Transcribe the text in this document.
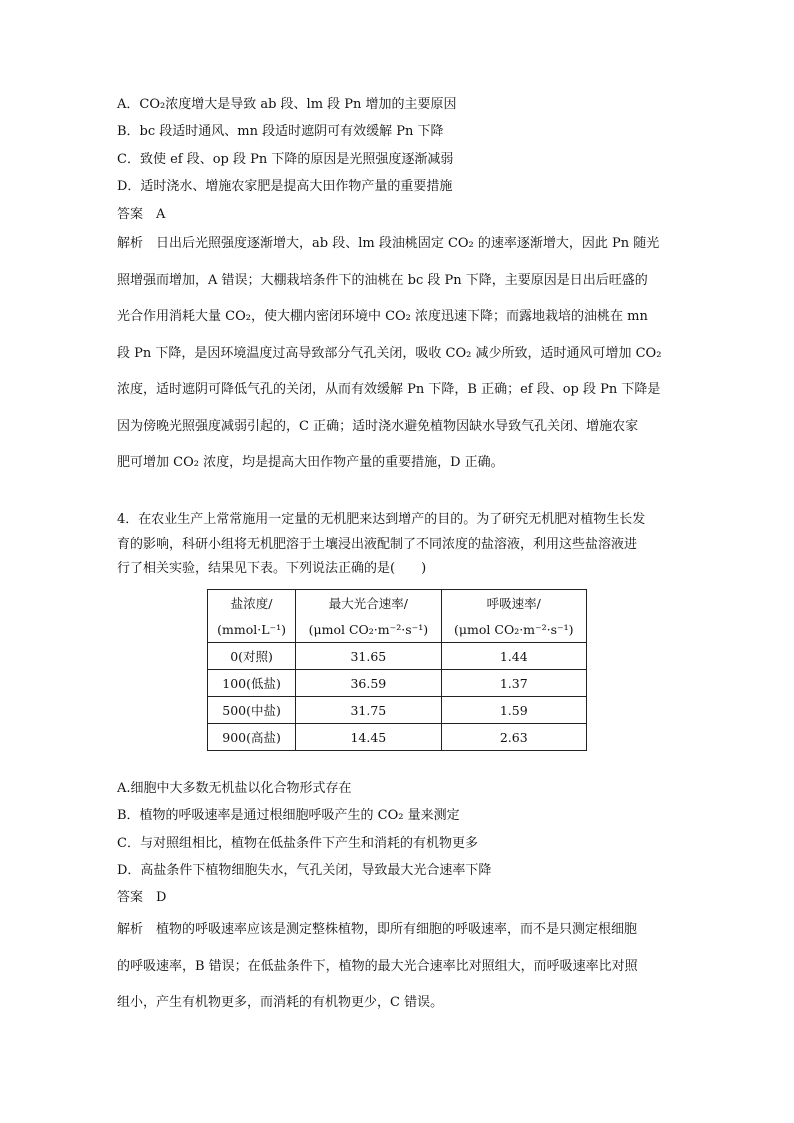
A．CO₂浓度增大是导致 ab 段、lm 段 Pn 增加的主要原因
B．bc 段适时通风、mn 段适时遮阴可有效缓解 Pn 下降
C．致使 ef 段、op 段 Pn 下降的原因是光照强度逐渐减弱
D．适时浇水、增施农家肥是提高大田作物产量的重要措施
答案　A

解析　日出后光照强度逐渐增大，ab 段、lm 段油桃固定 CO₂ 的速率逐渐增大，因此 Pn 随光

照增强而增加，A 错误；大棚栽培条件下的油桃在 bc 段 Pn 下降，主要原因是日出后旺盛的

光合作用消耗大量 CO₂，使大棚内密闭环境中 CO₂ 浓度迅速下降；而露地栽培的油桃在 mn

段 Pn 下降，是因环境温度过高导致部分气孔关闭，吸收 CO₂ 减少所致，适时通风可增加 CO₂

浓度，适时遮阴可降低气孔的关闭，从而有效缓解 Pn 下降，B 正确；ef 段、op 段 Pn 下降是

因为傍晚光照强度减弱引起的，C 正确；适时浇水避免植物因缺水导致气孔关闭、增施农家

肥可增加 CO₂ 浓度，均是提高大田作物产量的重要措施，D 正确。

4．在农业生产上常常施用一定量的无机肥来达到增产的目的。为了研究无机肥对植物生长发

育的影响，科研小组将无机肥溶于土壤浸出液配制了不同浓度的盐溶液，利用这些盐溶液进

行了相关实验，结果见下表。下列说法正确的是(　　)

盐浓度/	最大光合速率/	呼吸速率/
(mmol·L⁻¹)	(μmol CO₂·m⁻²·s⁻¹)	(μmol CO₂·m⁻²·s⁻¹)
0(对照)	31.65	1.44
100(低盐)	36.59	1.37
500(中盐)	31.75	1.59
900(高盐)	14.45	2.63
A.细胞中大多数无机盐以化合物形式存在
B．植物的呼吸速率是通过根细胞呼吸产生的 CO₂ 量来测定
C．与对照组相比，植物在低盐条件下产生和消耗的有机物更多
D．高盐条件下植物细胞失水，气孔关闭，导致最大光合速率下降
答案　D

解析　植物的呼吸速率应该是测定整株植物，即所有细胞的呼吸速率，而不是只测定根细胞

的呼吸速率，B 错误；在低盐条件下，植物的最大光合速率比对照组大，而呼吸速率比对照

组小，产生有机物更多，而消耗的有机物更少，C 错误。
